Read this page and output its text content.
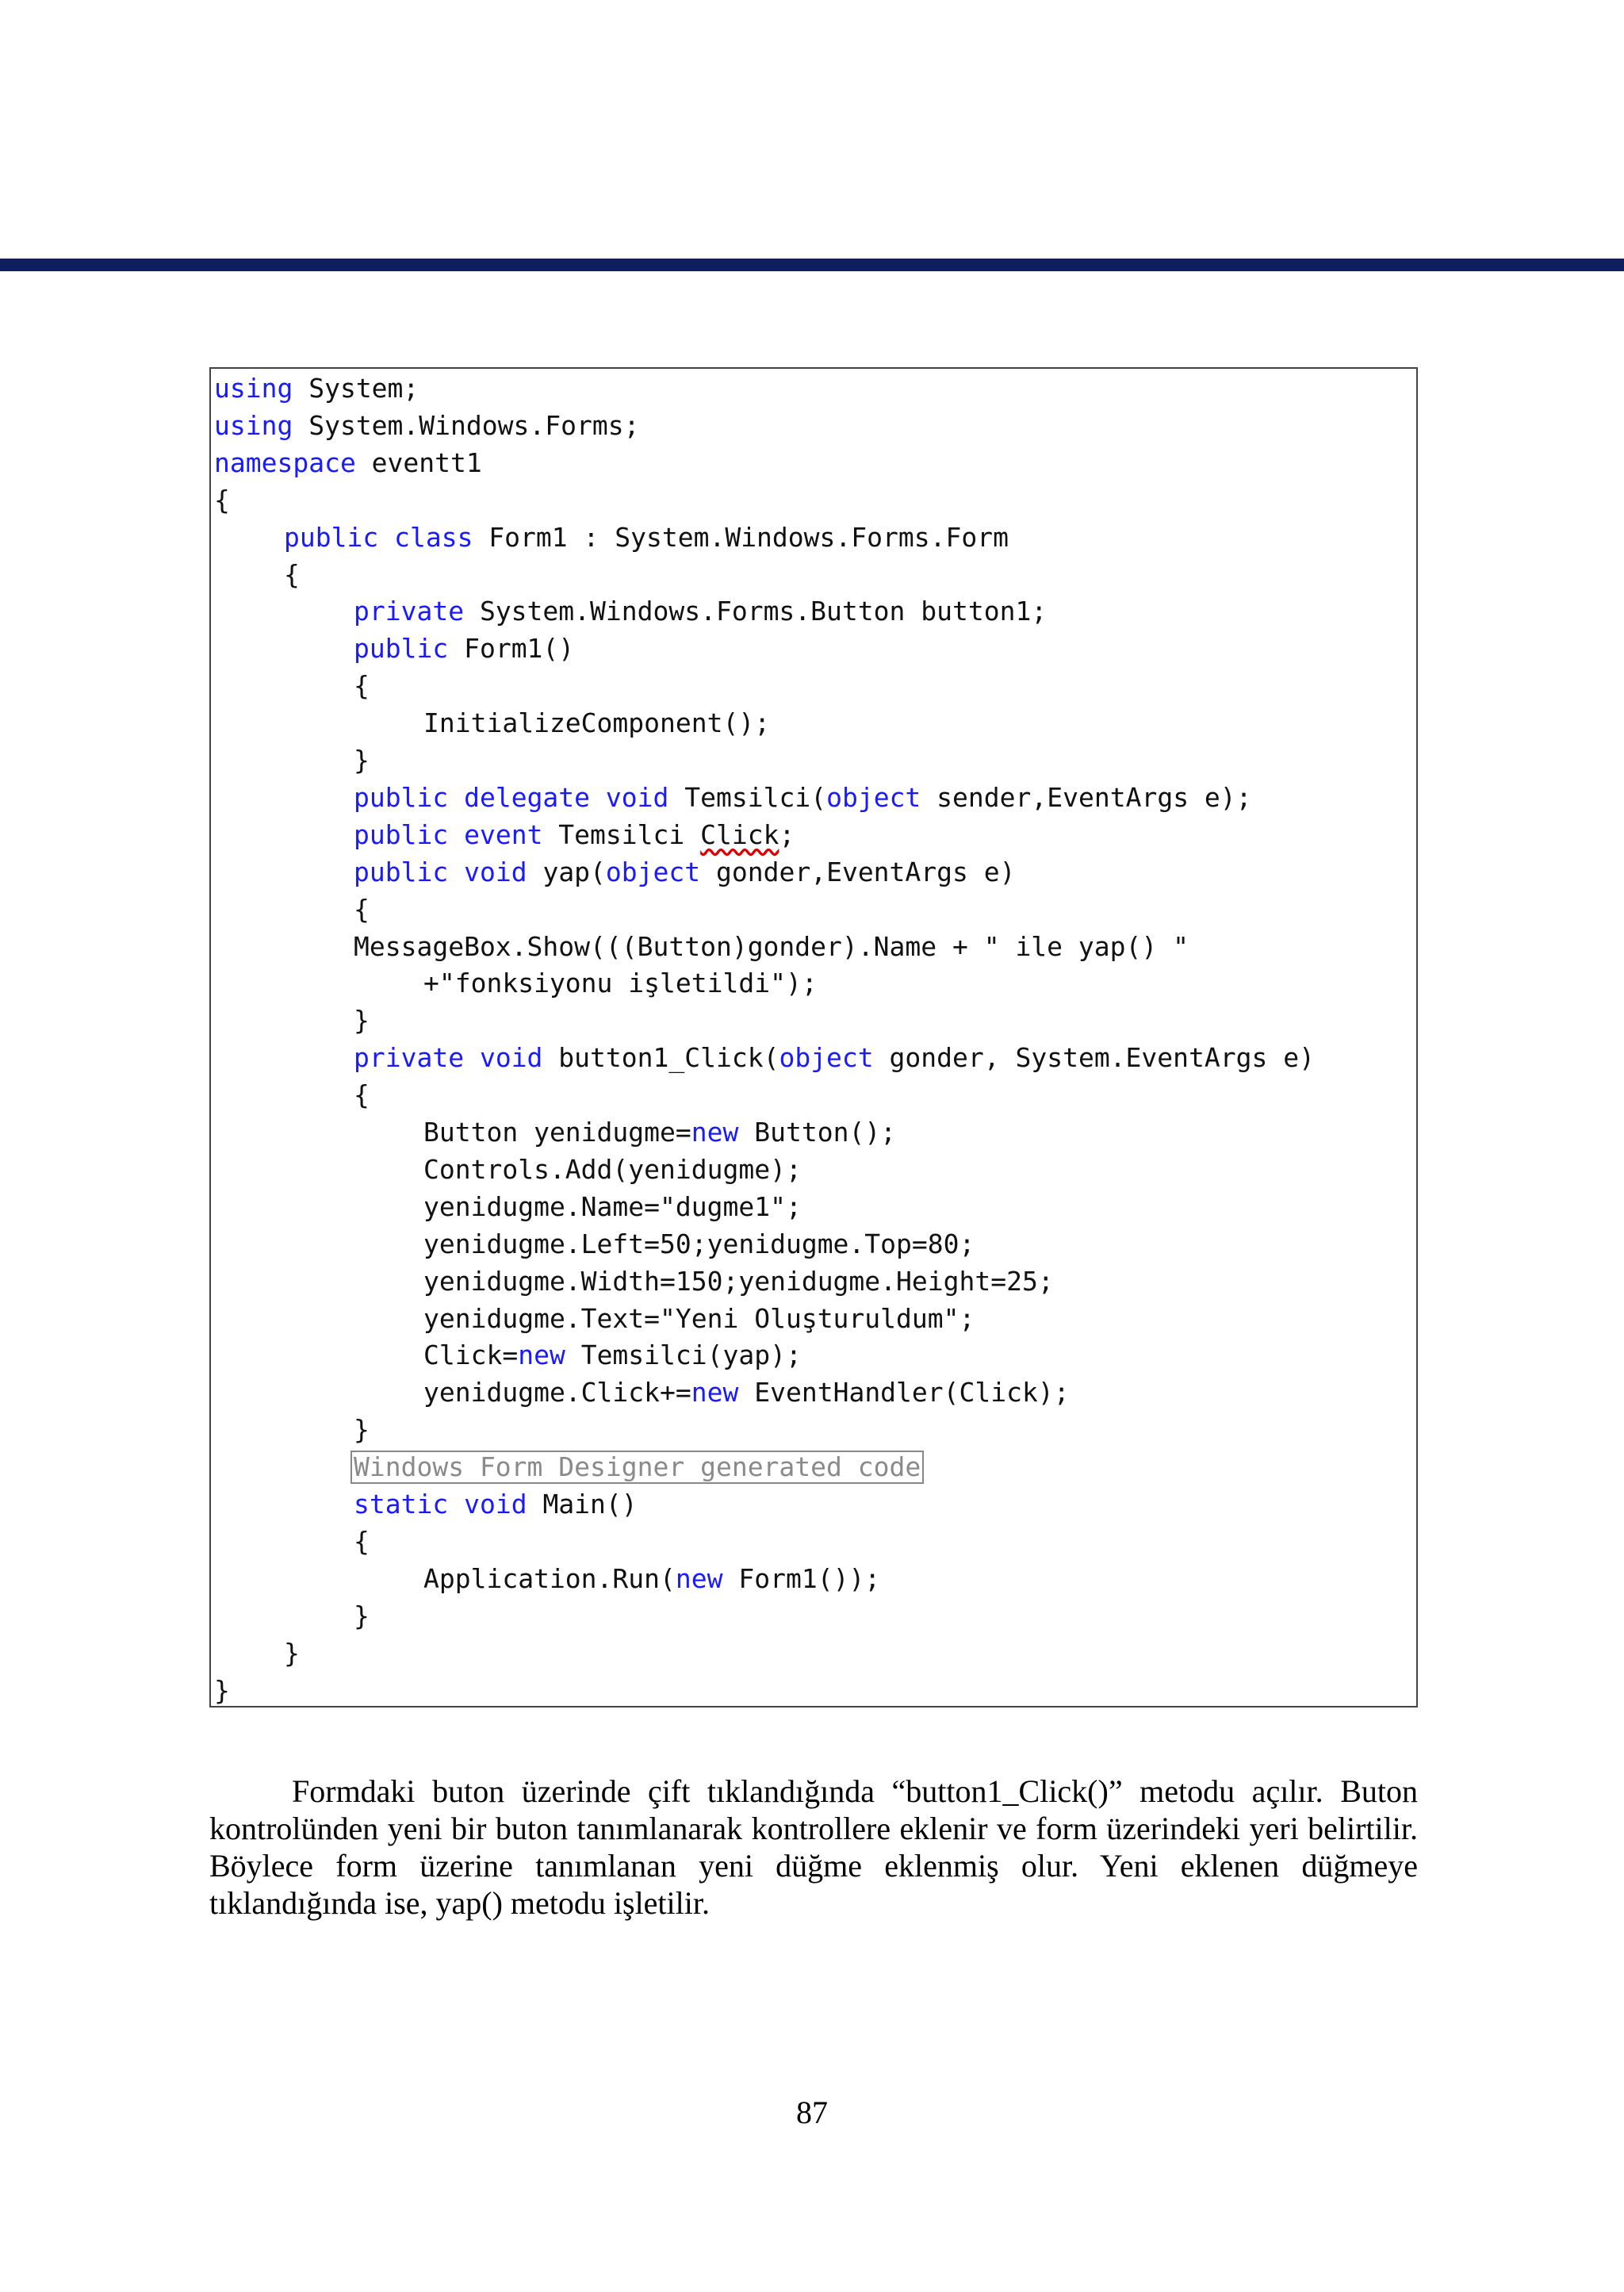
using System;
using System.Windows.Forms;
namespace eventt1
{
public class Form1 : System.Windows.Forms.Form
{
private System.Windows.Forms.Button button1;
public Form1()
{
InitializeComponent();
}
public delegate void Temsilci(object sender,EventArgs e);
public event Temsilci Click;
public void yap(object gonder,EventArgs e)
{
MessageBox.Show(((Button)gonder).Name + " ile yap() "
+"fonksiyonu işletildi");
}
private void button1_Click(object gonder, System.EventArgs e)
{
Button yenidugme=new Button();
Controls.Add(yenidugme);
yenidugme.Name="dugme1";
yenidugme.Left=50;yenidugme.Top=80;
yenidugme.Width=150;yenidugme.Height=25;
yenidugme.Text="Yeni Oluşturuldum";
Click=new Temsilci(yap);
yenidugme.Click+=new EventHandler(Click);
}
Windows Form Designer generated code
static void Main()
{
Application.Run(new Form1());
}
}
}

Formdaki buton üzerinde çift tıklandığında “button1_Click()” metodu açılır. Buton kontrolünden yeni bir buton tanımlanarak kontrollere eklenir ve form üzerindeki yeri belirtilir. Böylece form üzerine tanımlanan yeni düğme eklenmiş olur. Yeni eklenen düğmeye tıklandığında ise, yap() metodu işletilir.

87
